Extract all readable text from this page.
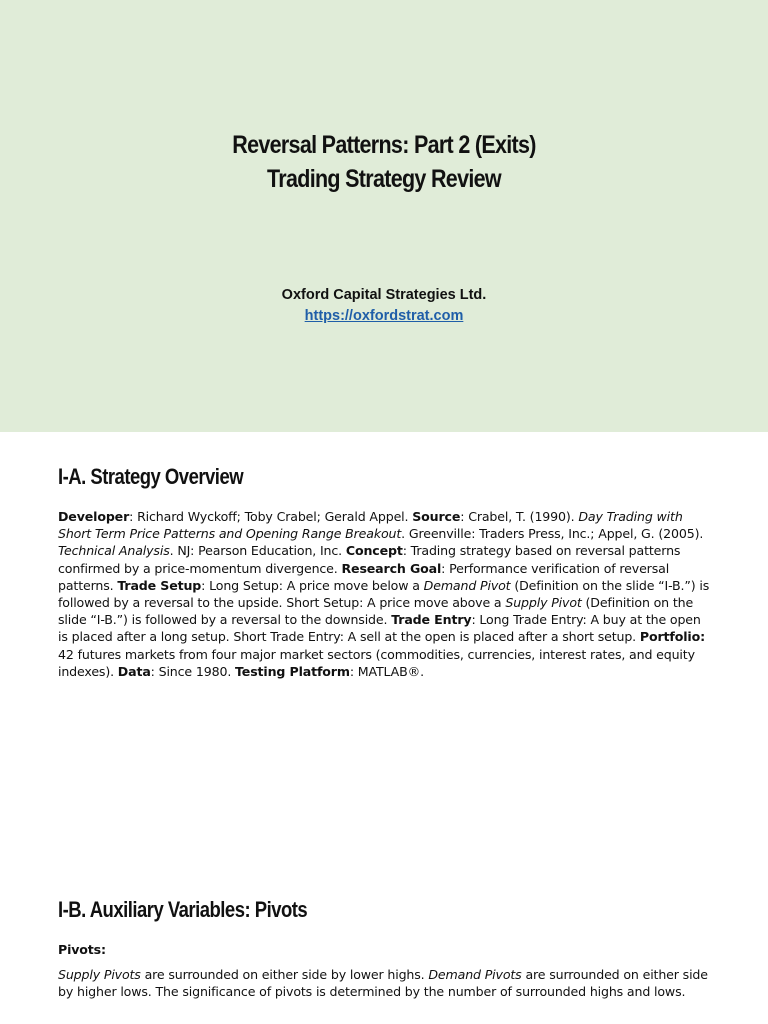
Reversal Patterns: Part 2 (Exits)
Trading Strategy Review
Oxford Capital Strategies Ltd.
https://oxfordstrat.com
I-A. Strategy Overview
Developer: Richard Wyckoff; Toby Crabel; Gerald Appel. Source: Crabel, T. (1990). Day Trading with Short Term Price Patterns and Opening Range Breakout. Greenville: Traders Press, Inc.; Appel, G. (2005). Technical Analysis. NJ: Pearson Education, Inc. Concept: Trading strategy based on reversal patterns confirmed by a price-momentum divergence. Research Goal: Performance verification of reversal patterns. Trade Setup: Long Setup: A price move below a Demand Pivot (Definition on the slide “I-B.”) is followed by a reversal to the upside. Short Setup: A price move above a Supply Pivot (Definition on the slide “I-B.”) is followed by a reversal to the downside. Trade Entry: Long Trade Entry: A buy at the open is placed after a long setup. Short Trade Entry: A sell at the open is placed after a short setup. Portfolio: 42 futures markets from four major market sectors (commodities, currencies, interest rates, and equity indexes). Data: Since 1980. Testing Platform: MATLAB®.
I-B. Auxiliary Variables: Pivots
Pivots:
Supply Pivots are surrounded on either side by lower highs. Demand Pivots are surrounded on either side by higher lows. The significance of pivots is determined by the number of surrounded highs and lows.
